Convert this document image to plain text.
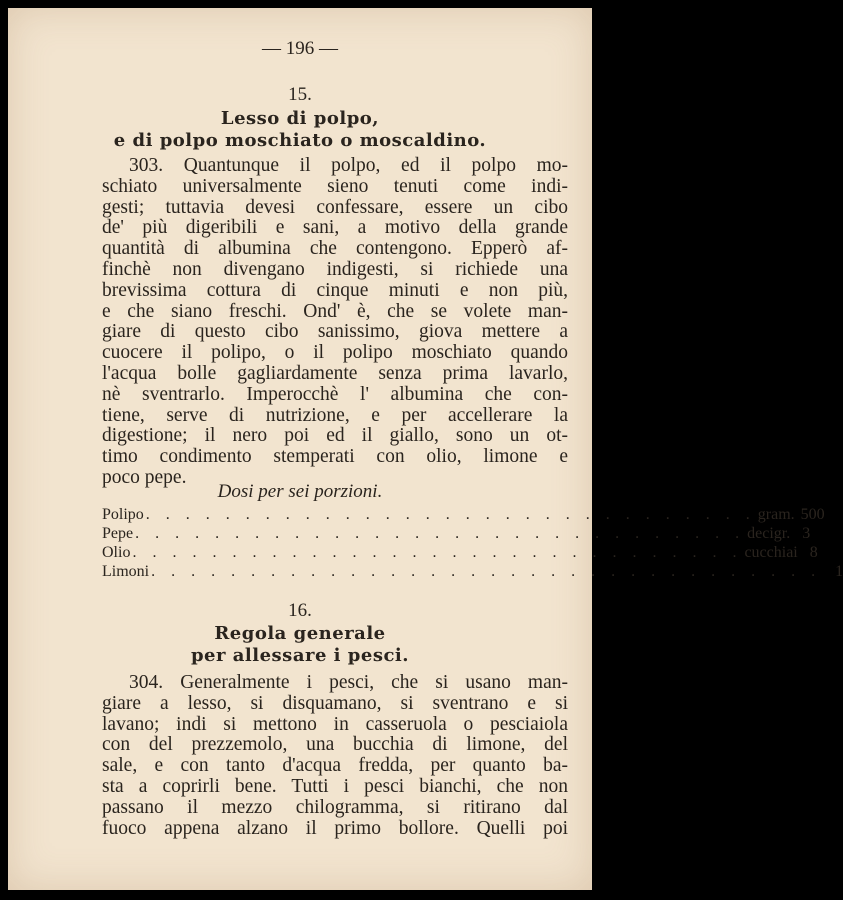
— 196 —
15.
Lesso di polpo,
e di polpo moschiato o moscaldino.
303. Quantunque il polpo, ed il polpo mo-
schiato universalmente sieno tenuti come indi-
gesti; tuttavia devesi confessare, essere un cibo
de' più digeribili e sani, a motivo della grande
quantità di albumina che contengono. Epperò af-
finchè non divengano indigesti, si richiede una
brevissima cottura di cinque minuti e non più,
e che siano freschi. Ond' è, che se volete man-
giare di questo cibo sanissimo, giova mettere a
cuocere il polipo, o il polipo moschiato quando
l'acqua bolle gagliardamente senza prima lavarlo,
nè sventrarlo. Imperocchè l' albumina che con-
tiene, serve di nutrizione, e per accellerare la
digestione; il nero poi ed il giallo, sono un ot-
timo condimento stemperati con olio, limone e
poco pepe.
Dosi per sei porzioni.
Polipo . . . . . . . . . . . . . . . . . . . . . . . . . . . . . . . gram. 500
Pepe . . . . . . . . . . . . . . . . . . . . . . . . . . . . . . . decigr. 3
Olio . . . . . . . . . . . . . . . . . . . . . . . . . . . . . . . cucchiai 8
Limoni . . . . . . . . . . . . . . . . . . . . . . . . . . . . . . . . . . 1
16.
Regola generale
per allessare i pesci.
304. Generalmente i pesci, che si usano man-
giare a lesso, si disquamano, si sventrano e si
lavano; indi si mettono in casseruola o pesciaiola
con del prezzemolo, una bucchia di limone, del
sale, e con tanto d'acqua fredda, per quanto ba-
sta a coprirli bene. Tutti i pesci bianchi, che non
passano il mezzo chilogramma, si ritirano dal
fuoco appena alzano il primo bollore. Quelli poi
